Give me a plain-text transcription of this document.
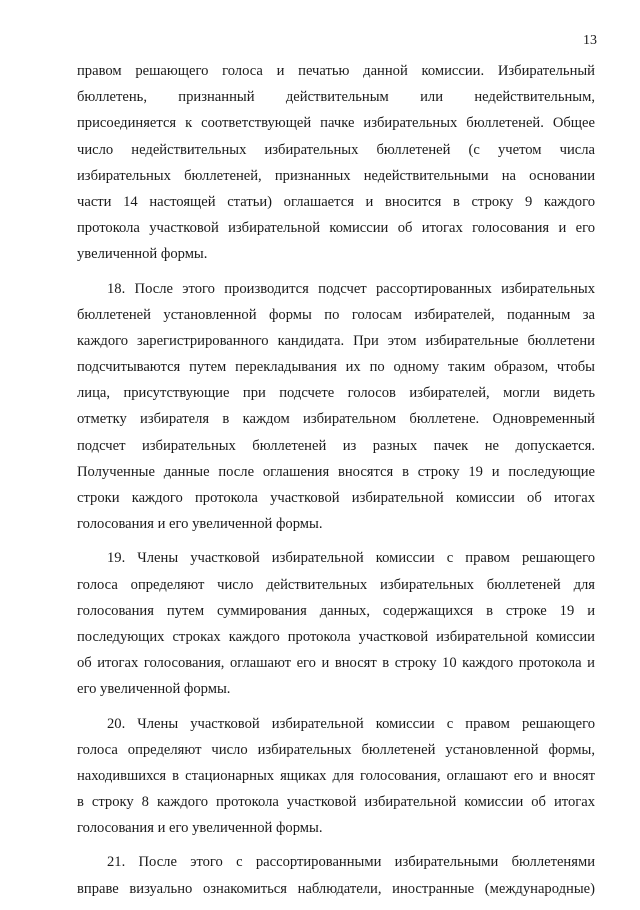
13
правом решающего голоса и печатью данной комиссии. Избирательный
бюллетень, признанный действительным или недействительным,
присоединяется к соответствующей пачке избирательных бюллетеней. Общее
число недействительных избирательных бюллетеней (с учетом числа
избирательных бюллетеней, признанных недействительными на основании
части 14 настоящей статьи) оглашается и вносится в строку 9 каждого
протокола участковой избирательной комиссии об итогах голосования и его
увеличенной формы.
18. После этого производится подсчет рассортированных избирательных
бюллетеней установленной формы по голосам избирателей, поданным за
каждого зарегистрированного кандидата. При этом избирательные бюллетени
подсчитываются путем перекладывания их по одному таким образом, чтобы
лица, присутствующие при подсчете голосов избирателей, могли видеть
отметку избирателя в каждом избирательном бюллетене. Одновременный
подсчет избирательных бюллетеней из разных пачек не допускается.
Полученные данные после оглашения вносятся в строку 19 и последующие
строки каждого протокола участковой избирательной комиссии об итогах
голосования и его увеличенной формы.
19. Члены участковой избирательной комиссии с правом решающего
голоса определяют число действительных избирательных бюллетеней для
голосования путем суммирования данных, содержащихся в строке 19 и
последующих строках каждого протокола участковой избирательной комиссии
об итогах голосования, оглашают его и вносят в строку 10 каждого протокола и
его увеличенной формы.
20. Члены участковой избирательной комиссии с правом решающего
голоса определяют число избирательных бюллетеней установленной формы,
находившихся в стационарных ящиках для голосования, оглашают его и вносят
в строку 8 каждого протокола участковой избирательной комиссии об итогах
голосования и его увеличенной формы.
21. После этого с рассортированными избирательными бюллетенями
вправе визуально ознакомиться наблюдатели, иностранные (международные)
